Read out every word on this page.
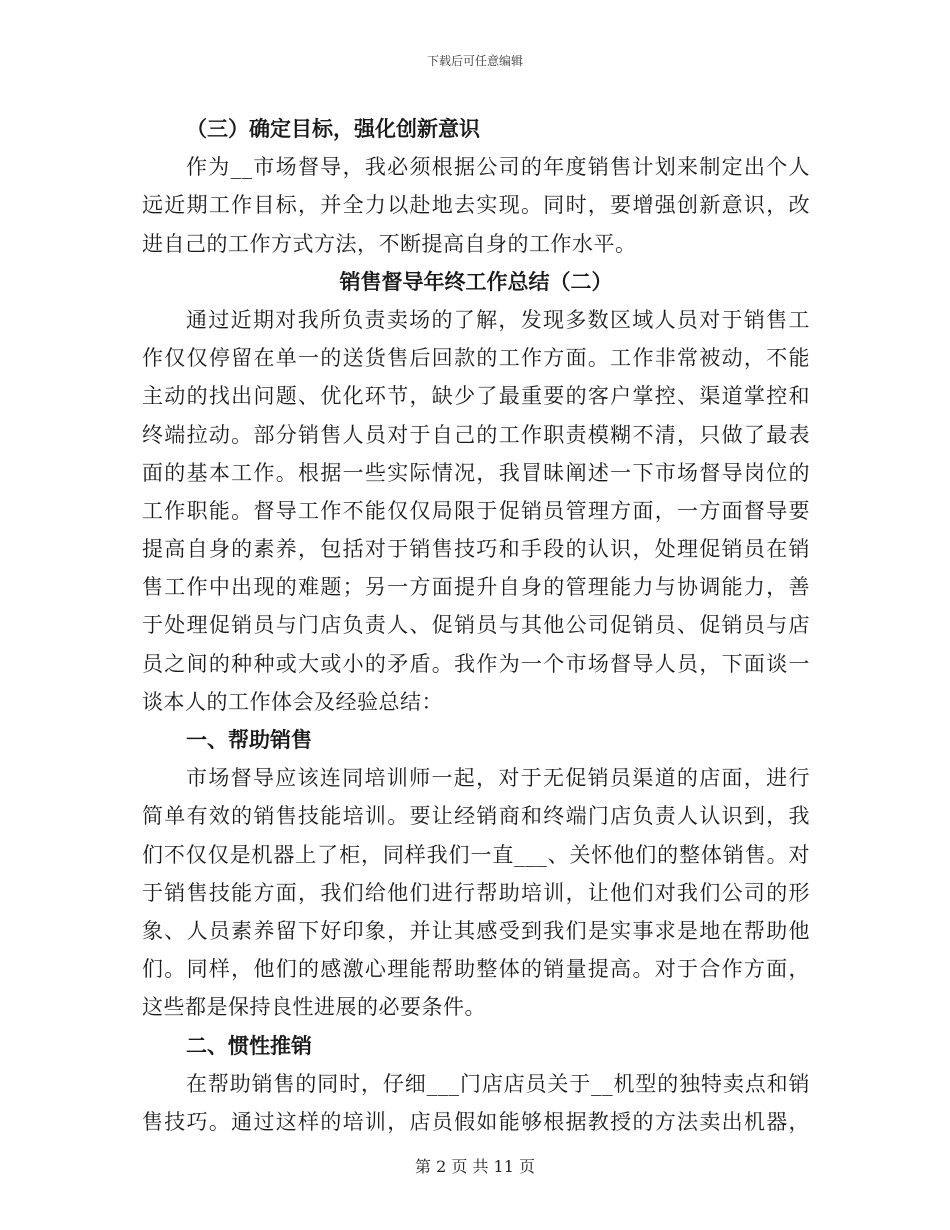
下载后可任意编辑
（三）确定目标，强化创新意识
作为__市场督导，我必须根据公司的年度销售计划来制定出个人
远近期工作目标，并全力以赴地去实现。同时，要增强创新意识，改
进自己的工作方式方法，不断提高自身的工作水平。
销售督导年终工作总结（二）
通过近期对我所负责卖场的了解，发现多数区域人员对于销售工
作仅仅停留在单一的送货售后回款的工作方面。工作非常被动，不能
主动的找出问题、优化环节，缺少了最重要的客户掌控、渠道掌控和
终端拉动。部分销售人员对于自己的工作职责模糊不清，只做了最表
面的基本工作。根据一些实际情况，我冒昧阐述一下市场督导岗位的
工作职能。督导工作不能仅仅局限于促销员管理方面，一方面督导要
提高自身的素养，包括对于销售技巧和手段的认识，处理促销员在销
售工作中出现的难题；另一方面提升自身的管理能力与协调能力，善
于处理促销员与门店负责人、促销员与其他公司促销员、促销员与店
员之间的种种或大或小的矛盾。我作为一个市场督导人员，下面谈一
谈本人的工作体会及经验总结：
一、帮助销售
市场督导应该连同培训师一起，对于无促销员渠道的店面，进行
简单有效的销售技能培训。要让经销商和终端门店负责人认识到，我
们不仅仅是机器上了柜，同样我们一直___、关怀他们的整体销售。对
于销售技能方面，我们给他们进行帮助培训，让他们对我们公司的形
象、人员素养留下好印象，并让其感受到我们是实事求是地在帮助他
们。同样，他们的感激心理能帮助整体的销量提高。对于合作方面，
这些都是保持良性进展的必要条件。
二、惯性推销
在帮助销售的同时，仔细___门店店员关于__机型的独特卖点和销
售技巧。通过这样的培训，店员假如能够根据教授的方法卖出机器，
第 2 页 共 11 页
